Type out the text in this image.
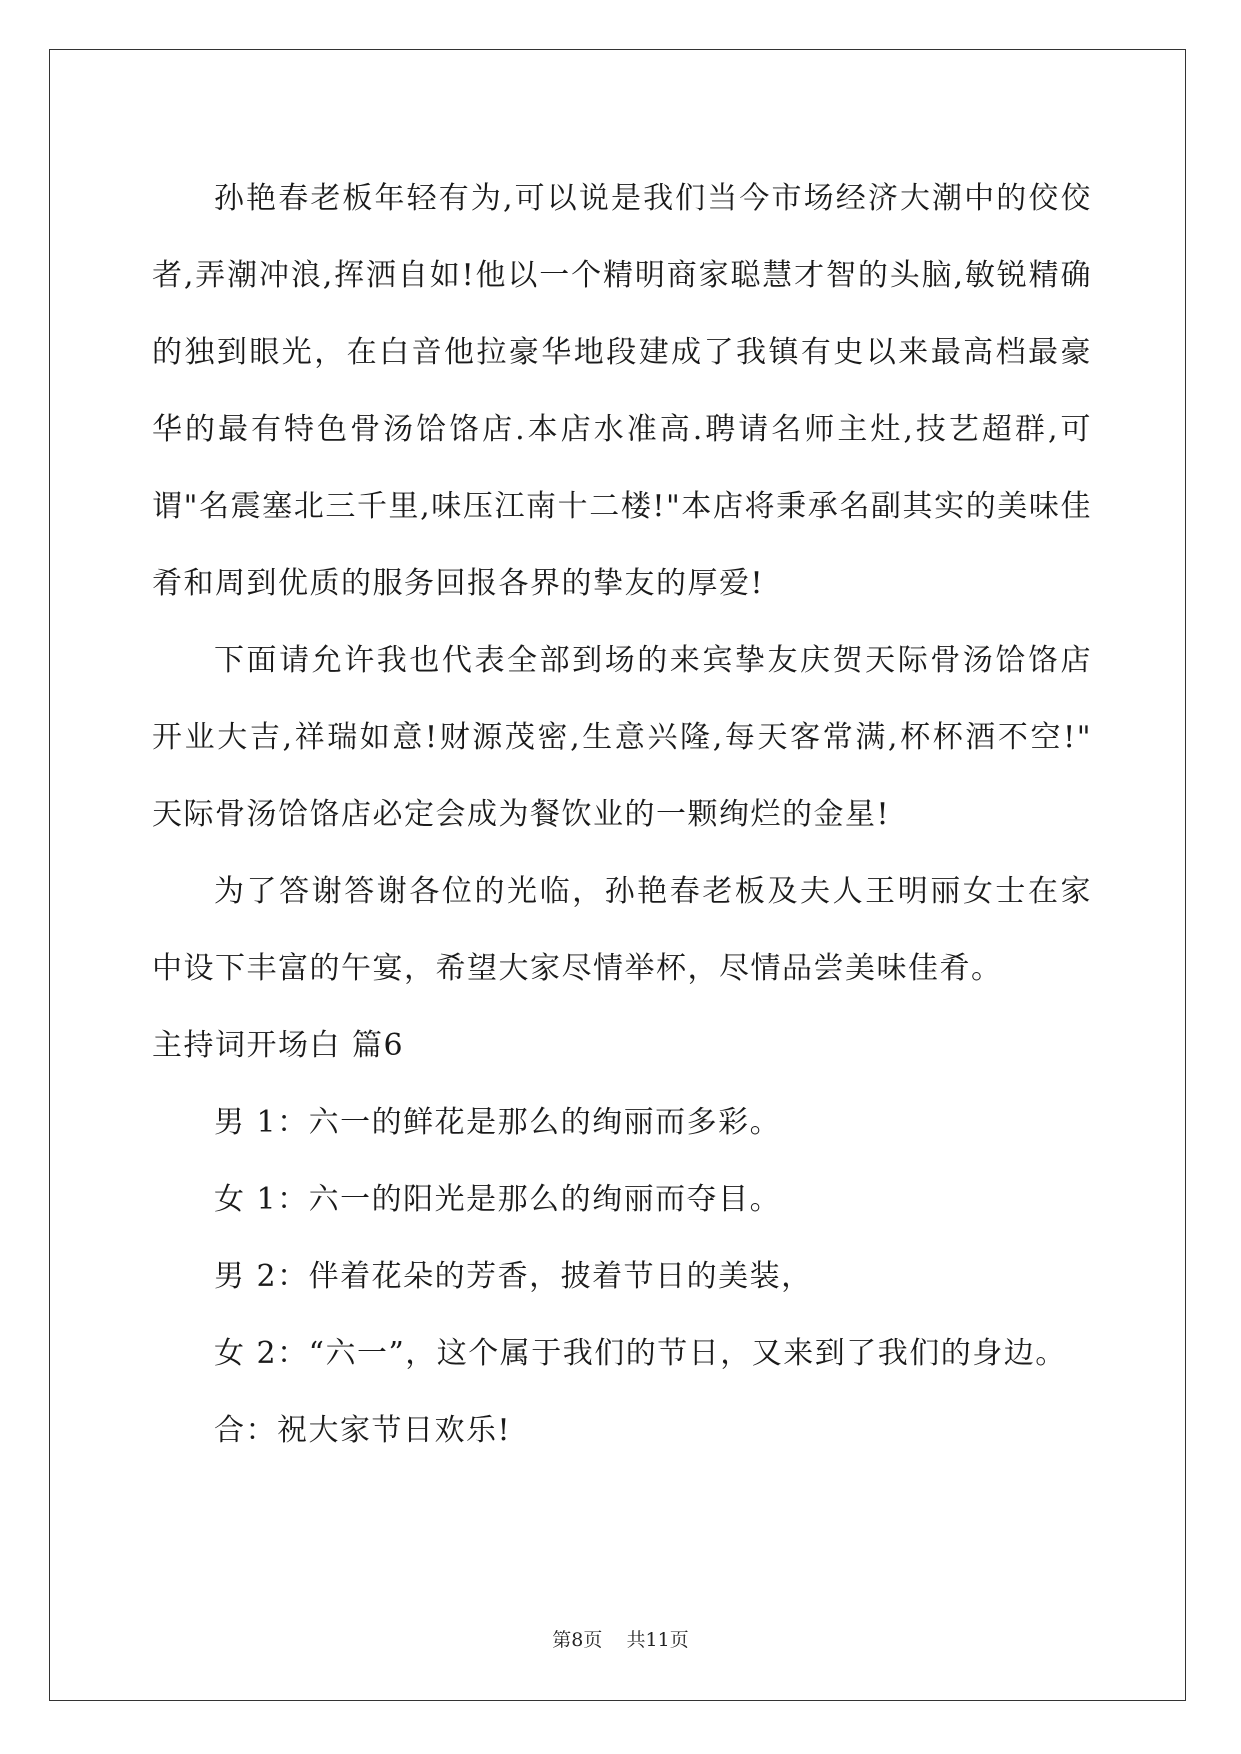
孙艳春老板年轻有为,可以说是我们当今市场经济大潮中的佼佼者,弄潮冲浪,挥洒自如!他以一个精明商家聪慧才智的头脑,敏锐精确的独到眼光，在白音他拉豪华地段建成了我镇有史以来最高档最豪华的最有特色骨汤饸饹店.本店水准高.聘请名师主灶,技艺超群,可谓"名震塞北三千里,味压江南十二楼!"本店将秉承名副其实的美味佳肴和周到优质的服务回报各界的挚友的厚爱!

下面请允许我也代表全部到场的来宾挚友庆贺天际骨汤饸饹店开业大吉,祥瑞如意!财源茂密,生意兴隆,每天客常满,杯杯酒不空!" 天际骨汤饸饹店必定会成为餐饮业的一颗绚烂的金星!

为了答谢答谢各位的光临，孙艳春老板及夫人王明丽女士在家中设下丰富的午宴，希望大家尽情举杯，尽情品尝美味佳肴。

主持词开场白 篇6

男 1：六一的鲜花是那么的绚丽而多彩。

女 1：六一的阳光是那么的绚丽而夺目。

男 2：伴着花朵的芳香，披着节日的美装，

女 2：“六一”，这个属于我们的节日，又来到了我们的身边。

合：祝大家节日欢乐!

第8页    共11页
